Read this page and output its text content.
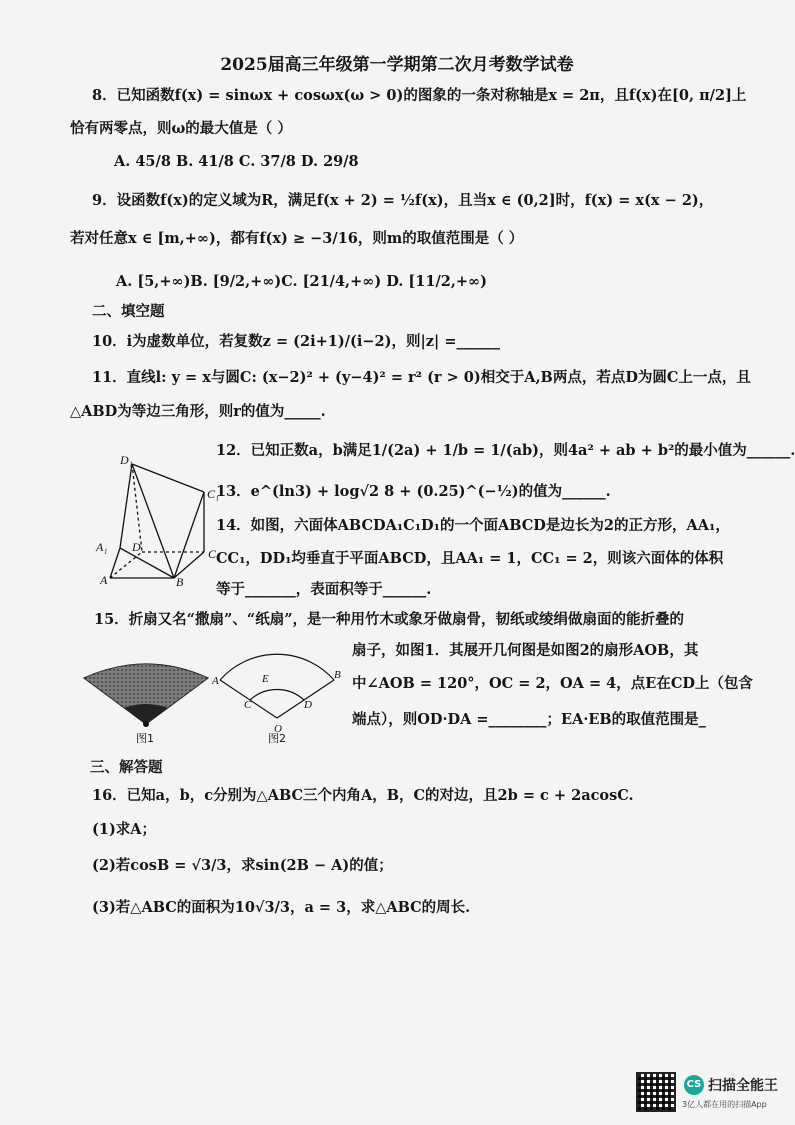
2025届高三年级第一学期第二次月考数学试卷
8．已知函数f(x) = sinωx + cosωx(ω > 0)的图象的一条对称轴是x = 2π，且f(x)在[0, π/2]上
恰有两零点，则ω的最大值是（ ）
A. 45/8 B. 41/8 C. 37/8 D. 29/8
9．设函数f(x)的定义域为R，满足f(x + 2) = ½f(x)，且当x ∈ (0,2]时，f(x) = x(x − 2)，
若对任意x ∈ [m,+∞)，都有f(x) ≥ −3/16，则m的取值范围是（ ）
A. [5,+∞)B. [9/2,+∞)C. [21/4,+∞) D. [11/2,+∞)
二、填空题
10．i为虚数单位，若复数z = (2i+1)/(i−2)，则|z| =______
11．直线l: y = x与圆C: (x−2)² + (y−4)² = r² (r > 0)相交于A,B两点，若点D为圆C上一点，且
△ABD为等边三角形，则r的值为_____.
12．已知正数a，b满足1/(2a) + 1/b = 1/(ab)，则4a² + ab + b²的最小值为______.
13．e^(ln3) + log√2 8 + (0.25)^(−½)的值为______.
14．如图，六面体ABCDA₁C₁D₁的一个面ABCD是边长为2的正方形，AA₁，
CC₁，DD₁均垂直于平面ABCD，且AA₁ = 1，CC₁ = 2，则该六面体的体积
等于_______，表面积等于______.
15．折扇又名“撒扇”、“纸扇”，是一种用竹木或象牙做扇骨，韧纸或绫绢做扇面的能折叠的
扇子，如图1．其展开几何图是如图2的扇形AOB，其
中∠AOB = 120°，OC = 2，OA = 4，点E在CD上（包含
端点），则OD·DA =________；EA·EB的取值范围是_
三、解答题
16．已知a，b，c分别为△ABC三个内角A，B，C的对边，且2b = c + 2acosC.
(1)求A；
(2)若cosB = √3/3，求sin(2B − A)的值；
(3)若△ABC的面积为10√3/3，a = 3，求△ABC的周长.
D₁
C₁
A₁ D	C
A	B
图1
A	B
C	D
E
O
图2
CS 扫描全能王
3亿人都在用的扫描App
